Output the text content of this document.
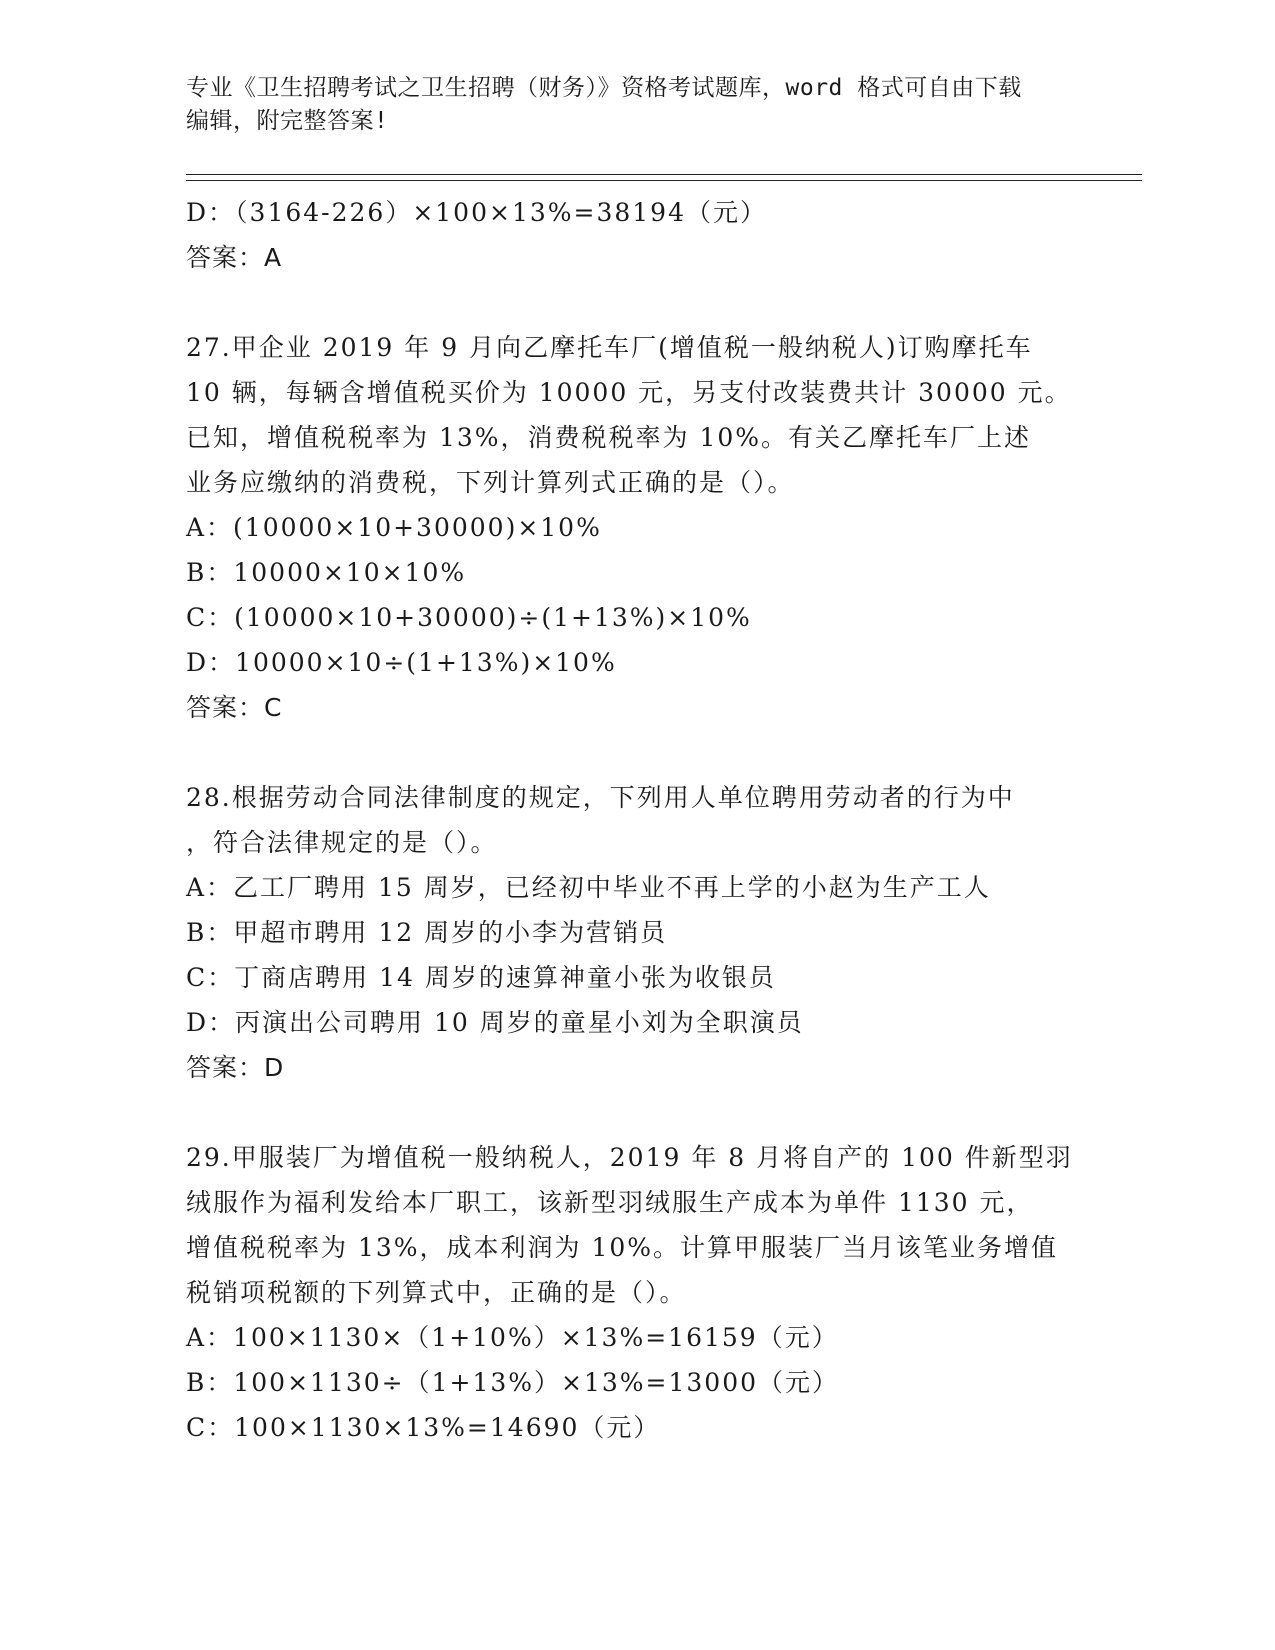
专业《卫生招聘考试之卫生招聘（财务）》资格考试题库，word 格式可自由下载
编辑，附完整答案!
D：（3164-226）×100×13%=38194（元）
答案：A
27.甲企业 2019 年 9 月向乙摩托车厂(增值税一般纳税人)订购摩托车
10 辆，每辆含增值税买价为 10000 元，另支付改装费共计 30000 元。
已知，增值税税率为 13%，消费税税率为 10%。有关乙摩托车厂上述
业务应缴纳的消费税，下列计算列式正确的是（）。
A：(10000×10+30000)×10%
B：10000×10×10%
C：(10000×10+30000)÷(1+13%)×10%
D：10000×10÷(1+13%)×10%
答案：C
28.根据劳动合同法律制度的规定，下列用人单位聘用劳动者的行为中
，符合法律规定的是（）。
A：乙工厂聘用 15 周岁，已经初中毕业不再上学的小赵为生产工人
B：甲超市聘用 12 周岁的小李为营销员
C：丁商店聘用 14 周岁的速算神童小张为收银员
D：丙演出公司聘用 10 周岁的童星小刘为全职演员
答案：D
29.甲服装厂为增值税一般纳税人，2019 年 8 月将自产的 100 件新型羽
绒服作为福利发给本厂职工，该新型羽绒服生产成本为单件 1130 元，
增值税税率为 13%，成本利润为 10%。计算甲服装厂当月该笔业务增值
税销项税额的下列算式中，正确的是（）。
A：100×1130×（1+10%）×13%=16159（元）
B：100×1130÷（1+13%）×13%=13000（元）
C：100×1130×13%=14690（元）
